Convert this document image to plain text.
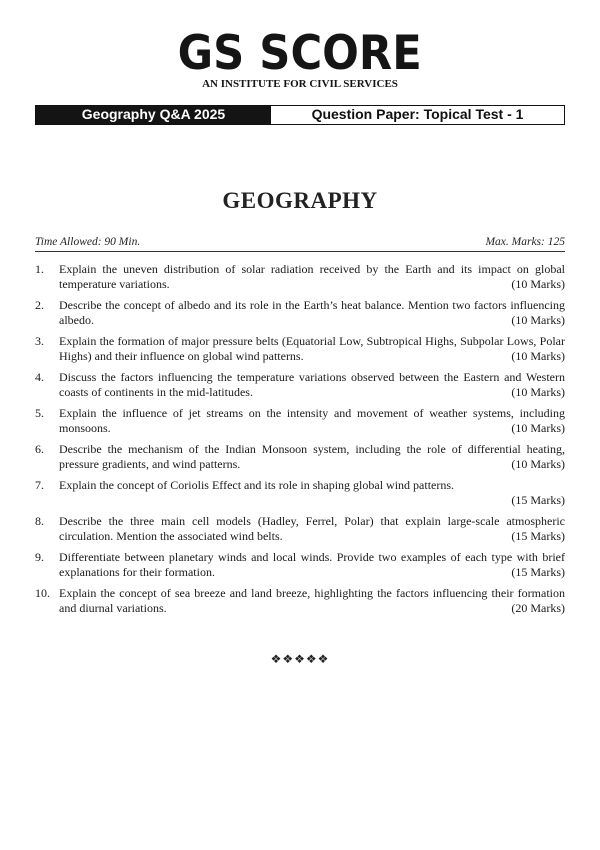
GS SCORE
AN INSTITUTE FOR CIVIL SERVICES
Geography Q&A 2025	Question Paper: Topical Test - 1
GEOGRAPHY
Time Allowed: 90 Min.	Max. Marks: 125
1. Explain the uneven distribution of solar radiation received by the Earth and its impact on global temperature variations.	(10 Marks)
2. Describe the concept of albedo and its role in the Earth’s heat balance. Mention two factors influencing albedo.	(10 Marks)
3. Explain the formation of major pressure belts (Equatorial Low, Subtropical Highs, Subpolar Lows, Polar Highs) and their influence on global wind patterns.	(10 Marks)
4. Discuss the factors influencing the temperature variations observed between the Eastern and Western coasts of continents in the mid-latitudes.	(10 Marks)
5. Explain the influence of jet streams on the intensity and movement of weather systems, including monsoons.	(10 Marks)
6. Describe the mechanism of the Indian Monsoon system, including the role of differential heating, pressure gradients, and wind patterns.	(10 Marks)
7. Explain the concept of Coriolis Effect and its role in shaping global wind patterns.
(15 Marks)
8. Describe the three main cell models (Hadley, Ferrel, Polar) that explain large-scale atmospheric circulation. Mention the associated wind belts.	(15 Marks)
9. Differentiate between planetary winds and local winds. Provide two examples of each type with brief explanations for their formation.	(15 Marks)
10. Explain the concept of sea breeze and land breeze, highlighting the factors influencing their formation and diurnal variations.	(20 Marks)
❖❖❖❖❖
